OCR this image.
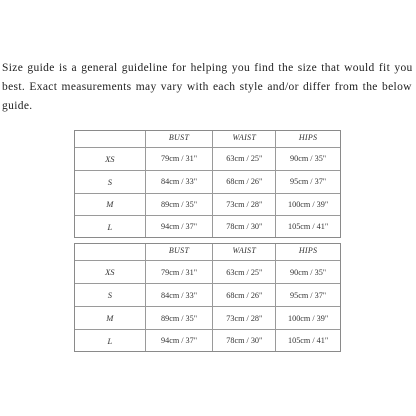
Size guide is a general guideline for helping you find the size that would fit you best. Exact measurements may vary with each style and/or differ from the below guide.

	BUST	WAIST	HIPS
XS	79cm / 31"	63cm / 25"	90cm / 35"
S	84cm / 33"	68cm / 26"	95cm / 37"
M	89cm / 35"	73cm / 28"	100cm / 39"
L	94cm / 37"	78cm / 30"	105cm / 41"
	BUST	WAIST	HIPS
XS	79cm / 31"	63cm / 25"	90cm / 35"
S	84cm / 33"	68cm / 26"	95cm / 37"
M	89cm / 35"	73cm / 28"	100cm / 39"
L	94cm / 37"	78cm / 30"	105cm / 41"
